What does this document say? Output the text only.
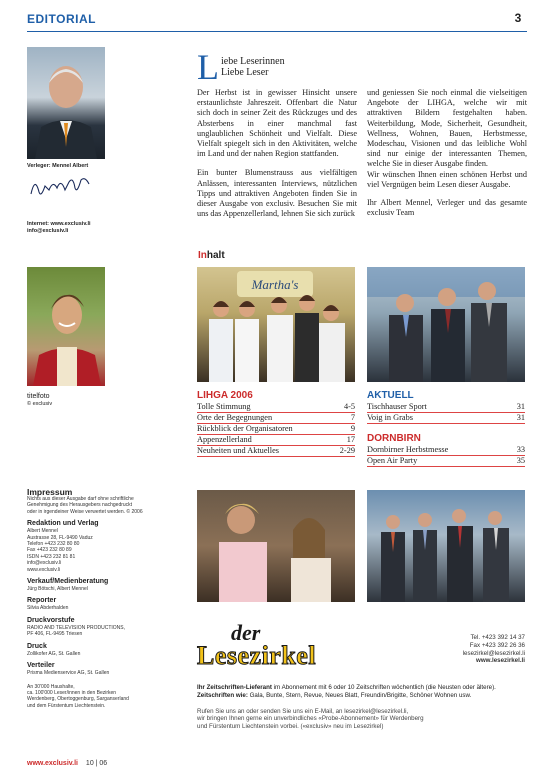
EDITORIAL	3
Verleger: Mennel Albert
Internet: www.exclusiv.li
info@exclusiv.li
L iebe Leserinnen
Liebe Leser

Der Herbst ist in gewisser Hinsicht unsere erstaunlichste Jahreszeit. Offenbart die Natur sich doch in seiner Zeit des Rückzuges und des Absterbens in einer manchmal fast unglaublichen Schönheit und Vielfalt. Diese Vielfalt spiegelt sich in den Aktivitäten, welche im Land und der nahen Region stattfanden.

Ein bunter Blumenstrauss aus vielfältigen Anlässen, interessanten Interviews, nützlichen Tipps und attraktiven Angeboten finden Sie in dieser Ausgabe von exclusiv. Besuchen Sie mit uns das Appenzellerland, lehnen Sie sich zurück

und geniessen Sie noch einmal die vielseitigen Angebote der LIHGA, welche wir mit attraktiven Bildern festgehalten haben. Weiterbildung, Mode, Sicherheit, Gesundheit, Wellness, Wohnen, Bauen, Herbstmesse, Modeschau, Visionen und das leibliche Wohl sind nur einige der interessanten Themen, welche Sie in dieser Ausgabe finden.

Wir wünschen Ihnen einen schönen Herbst und viel Vergnügen beim Lesen dieser Ausgabe.

Ihr Albert Mennel, Verleger und das gesamte exclusiv Team

Inhalt
titelfoto
© exclusiv
Martha's
LIHGA 2006
Tolle Stimmung	4-5
Orte der Begegnungen	7
Rückblick der Organisatoren	9
Appenzellerland	17
Neuheiten und Aktuelles	2-29
AKTUELL
Tischhauser Sport	31
Voig in Grabs	31
DORNBIRN
Dornbirner Herbstmesse	33
Open Air Party	35
Impressum
Nichts aus dieser Ausgabe darf ohne schriftliche
Genehmigung des Herausgebers nachgedruckt
oder in irgendeiner Weise verwertet werden. © 2006
Redaktion und Verlag
Albert Mennel
Austrasse 28, FL-9490 Vaduz
Telefon +423 232 80 80
Fax +423 232 80 89
ISDN +423 232 81 81
info@exclusiv.li
www.exclusiv.li
Verkauf/Medienberatung
Jürg Bötschi, Albert Mennel
Reporter
Silvia Abderhalden
Druckvorstufe
RADIO AND TELEVISION PRODUCTIONS,
PF 406, FL-9495 Triesen
Druck
Zollikofer AG, St. Gallen
Verteiler
Prisma Medienservice AG, St. Gallen
An 30'000 Haushalte,
ca. 100'000 Leser/innen in den Bezirken
Werdenberg, Obertoggenburg, Sarganserland
und dem Fürstentum Liechtenstein.
www.exclusiv.li 10 | 06
der
Lesezirkel
Tel. +423 392 14 37
Fax +423 392 26 36
lesezirkel@lesezirkel.li
www.lesezirkel.li
Ihr Zeitschriften-Lieferant im Abonnement mit 6 oder 10 Zeitschriften wöchentlich (die Neusten oder ältere).
Zeitschriften wie: Gala, Bunte, Stern, Revue, Neues Blatt, Freundin/Brigitte, Schöner Wohnen usw.
Rufen Sie uns an oder senden Sie uns ein E-Mail, an lesezirkel@lesezirkel.li,
wir bringen Ihnen gerne ein unverbindliches «Probe-Abonnement» für Werdenberg
und Fürstentum Liechtenstein vorbei. («exclusiv» neu im Lesezirkel)
